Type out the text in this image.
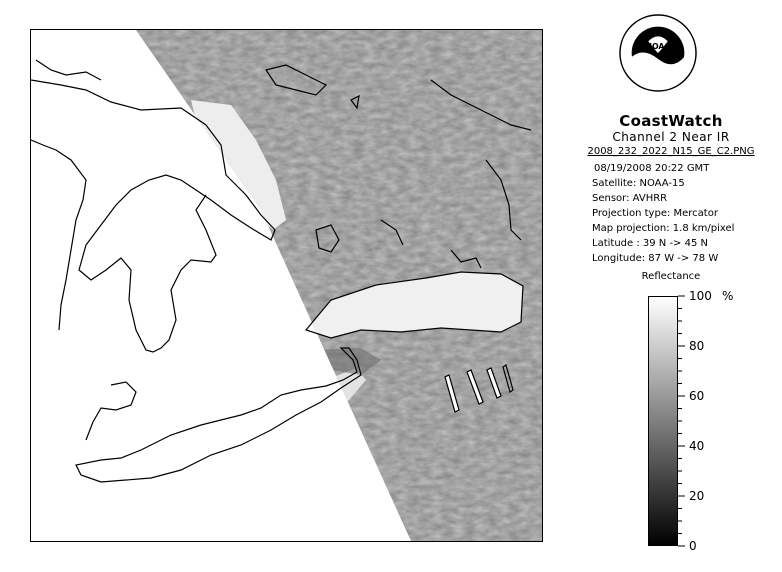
NOAA
CoastWatch
Channel 2 Near IR
2008_232_2022_N15_GE_C2.PNG
08/19/2008 20:22 GMT
Satellite: NOAA-15
Sensor: AVHRR
Projection type: Mercator
Map projection: 1.8 km/pixel
Latitude : 39 N -> 45 N
Longitude: 87 W -> 78 W
Reflectance
100
80
60
40
20
0
%
